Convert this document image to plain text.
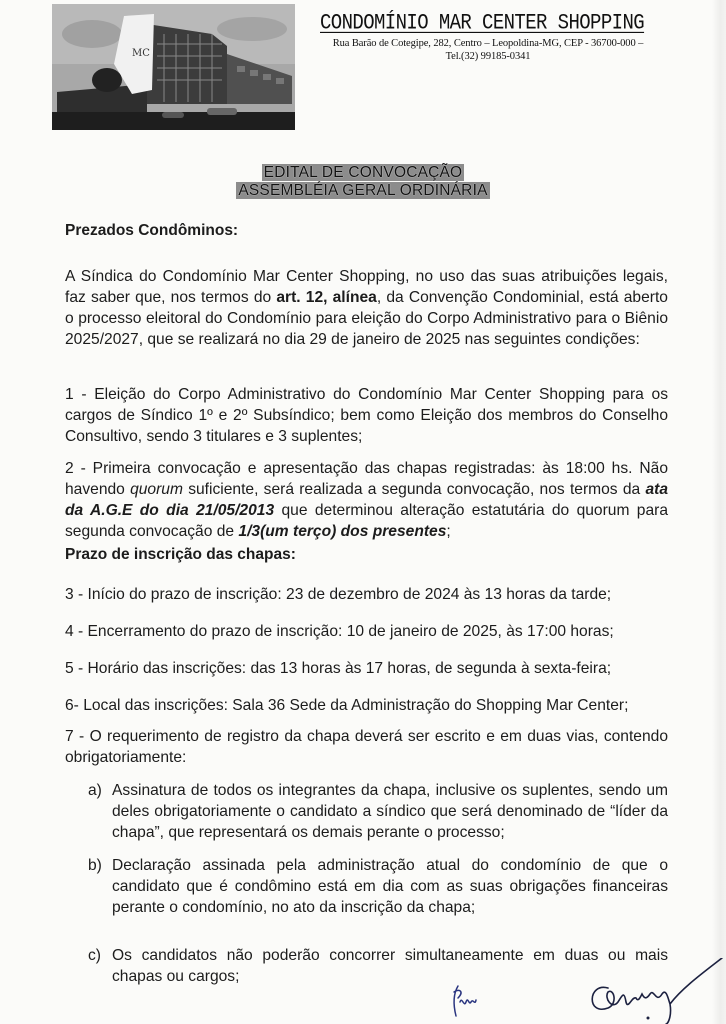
MC
CONDOMÍNIO MAR CENTER SHOPPING
Rua Barão de Cotegipe, 282, Centro – Leopoldina-MG, CEP - 36700-000 –
Tel.(32) 99185-0341
EDITAL DE CONVOCAÇÃO
ASSEMBLÉIA GERAL ORDINÁRIA
Prezados Condôminos:
A Síndica do Condomínio Mar Center Shopping, no uso das suas atribuições legais, faz saber que, nos termos do art. 12, alínea, da Convenção Condominial, está aberto o processo eleitoral do Condomínio para eleição do Corpo Administrativo para o Biênio 2025/2027, que se realizará no dia 29 de janeiro de 2025 nas seguintes condições:
1 - Eleição do Corpo Administrativo do Condomínio Mar Center Shopping para os cargos de Síndico 1º e 2º Subsíndico; bem como Eleição dos membros do Conselho Consultivo, sendo 3 titulares e 3 suplentes;
2 - Primeira convocação e apresentação das chapas registradas: às 18:00 hs. Não havendo quorum suficiente, será realizada a segunda convocação, nos termos da ata da A.G.E do dia 21/05/2013 que determinou alteração estatutária do quorum para segunda convocação de 1/3(um terço) dos presentes;
Prazo de inscrição das chapas:
3 - Início do prazo de inscrição: 23 de dezembro de 2024 às 13 horas da tarde;
4 - Encerramento do prazo de inscrição: 10 de janeiro de 2025, às 17:00 horas;
5 - Horário das inscrições: das 13 horas às 17 horas, de segunda à sexta-feira;
6- Local das inscrições: Sala 36 Sede da Administração do Shopping Mar Center;
7 - O requerimento de registro da chapa deverá ser escrito e em duas vias, contendo obrigatoriamente:
a) Assinatura de todos os integrantes da chapa, inclusive os suplentes, sendo um deles obrigatoriamente o candidato a síndico que será denominado de “líder da chapa”, que representará os demais perante o processo;
b) Declaração assinada pela administração atual do condomínio de que o candidato que é condômino está em dia com as suas obrigações financeiras perante o condomínio, no ato da inscrição da chapa;
c) Os candidatos não poderão concorrer simultaneamente em duas ou mais chapas ou cargos;
